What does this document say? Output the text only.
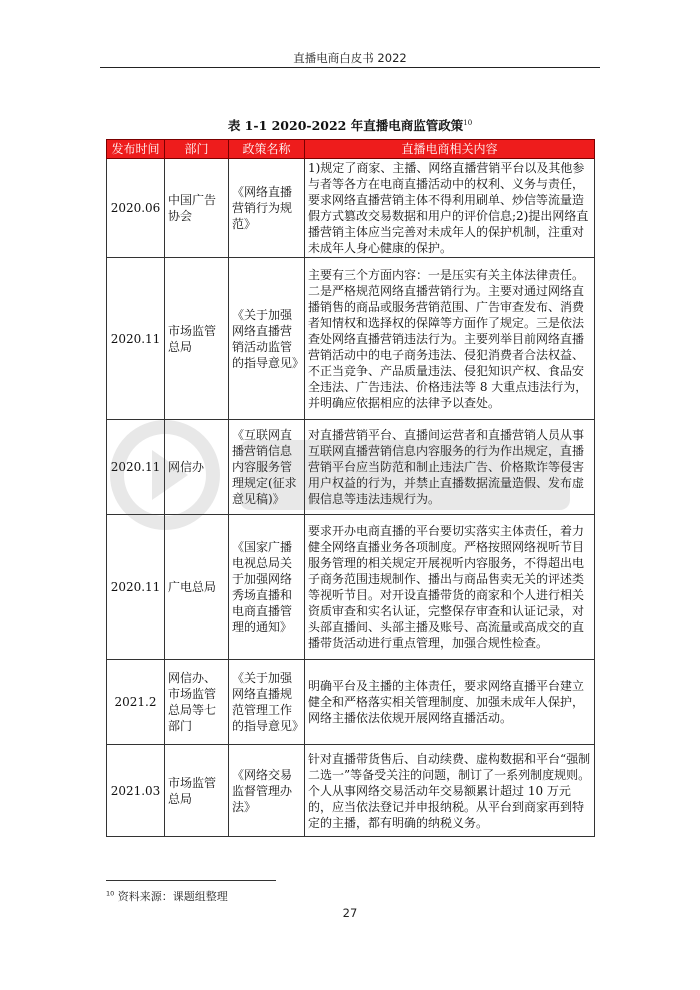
直播电商白皮书 2022
表 1-1 2020-2022 年直播电商监管政策$^{10}$
发布时间	部门	政策名称	直播电商相关内容
2020.06	中国广告协会	《网络直播营销行为规范》	1)规定了商家、主播、网络直播营销平台以及其他参与者等各方在电商直播活动中的权利、义务与责任，要求网络直播营销主体不得利用刷单、炒信等流量造假方式篡改交易数据和用户的评价信息;2)提出网络直播营销主体应当完善对未成年人的保护机制，注重对未成年人身心健康的保护。
2020.11	市场监管总局	《关于加强网络直播营销活动监管的指导意见》	主要有三个方面内容：一是压实有关主体法律责任。二是严格规范网络直播营销行为。主要对通过网络直播销售的商品或服务营销范围、广告审查发布、消费者知情权和选择权的保障等方面作了规定。三是依法查处网络直播营销违法行为。主要列举目前网络直播营销活动中的电子商务违法、侵犯消费者合法权益、不正当竞争、产品质量违法、侵犯知识产权、食品安全违法、广告违法、价格违法等 8 大重点违法行为，并明确应依据相应的法律予以查处。
2020.11	网信办	《互联网直播营销信息内容服务管理规定(征求意见稿)》	对直播营销平台、直播间运营者和直播营销人员从事互联网直播营销信息内容服务的行为作出规定，直播营销平台应当防范和制止违法广告、价格欺诈等侵害用户权益的行为，并禁止直播数据流量造假、发布虚假信息等违法违规行为。
2020.11	广电总局	《国家广播电视总局关于加强网络秀场直播和电商直播管理的通知》	要求开办电商直播的平台要切实落实主体责任，着力健全网络直播业务各项制度。严格按照网络视听节目服务管理的相关规定开展视听内容服务，不得超出电子商务范围违规制作、播出与商品售卖无关的评述类等视听节目。对开设直播带货的商家和个人进行相关资质审查和实名认证，完整保存审查和认证记录，对头部直播间、头部主播及账号、高流量或高成交的直播带货活动进行重点管理，加强合规性检查。
2021.2	网信办、市场监管总局等七部门	《关于加强网络直播规范管理工作的指导意见》	明确平台及主播的主体责任，要求网络直播平台建立健全和严格落实相关管理制度、加强未成年人保护，网络主播依法依规开展网络直播活动。
2021.03	市场监管总局	《网络交易监督管理办法》	针对直播带货售后、自动续费、虚构数据和平台“强制二选一”等备受关注的问题，制订了一系列制度规则。个人从事网络交易活动年交易额累计超过 10 万元的，应当依法登记并申报纳税。从平台到商家再到特定的主播，都有明确的纳税义务。
$^{10}$ 资料来源：课题组整理
27
